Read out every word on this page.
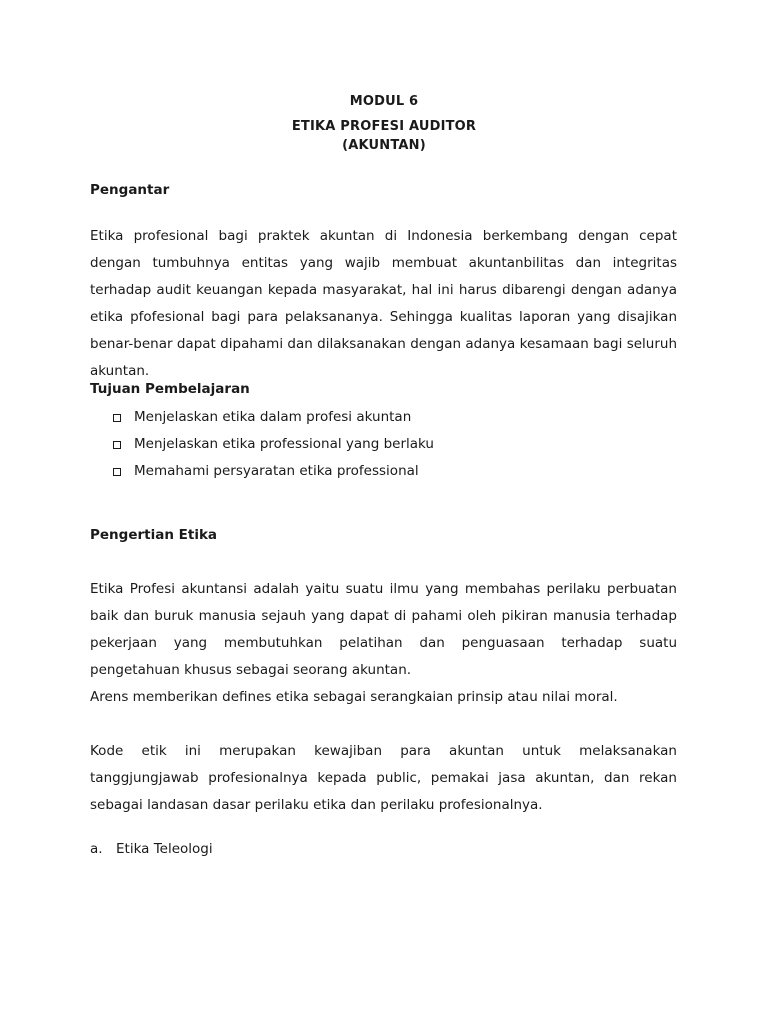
MODUL 6
ETIKA PROFESI AUDITOR
(AKUNTAN)
Pengantar
Etika profesional bagi praktek akuntan di Indonesia berkembang dengan cepat dengan tumbuhnya entitas yang wajib membuat akuntanbilitas dan integritas terhadap audit keuangan kepada masyarakat, hal ini harus dibarengi dengan adanya etika pfofesional bagi para pelaksananya. Sehingga kualitas laporan yang disajikan benar-benar dapat dipahami dan dilaksanakan dengan adanya kesamaan bagi seluruh akuntan.
Tujuan Pembelajaran
Menjelaskan etika dalam profesi akuntan
Menjelaskan etika professional yang berlaku
Memahami persyaratan etika professional
Pengertian Etika
Etika Profesi akuntansi adalah yaitu suatu ilmu yang membahas perilaku perbuatan baik dan buruk manusia sejauh yang dapat di pahami oleh pikiran manusia terhadap pekerjaan yang membutuhkan pelatihan dan penguasaan terhadap suatu pengetahuan khusus sebagai seorang akuntan.
Arens memberikan defines etika sebagai serangkaian prinsip atau nilai moral.
Kode etik ini merupakan kewajiban para akuntan untuk melaksanakan tanggjungjawab profesionalnya kepada public, pemakai jasa akuntan, dan rekan sebagai landasan dasar perilaku etika dan perilaku profesionalnya.
a. Etika Teleologi
